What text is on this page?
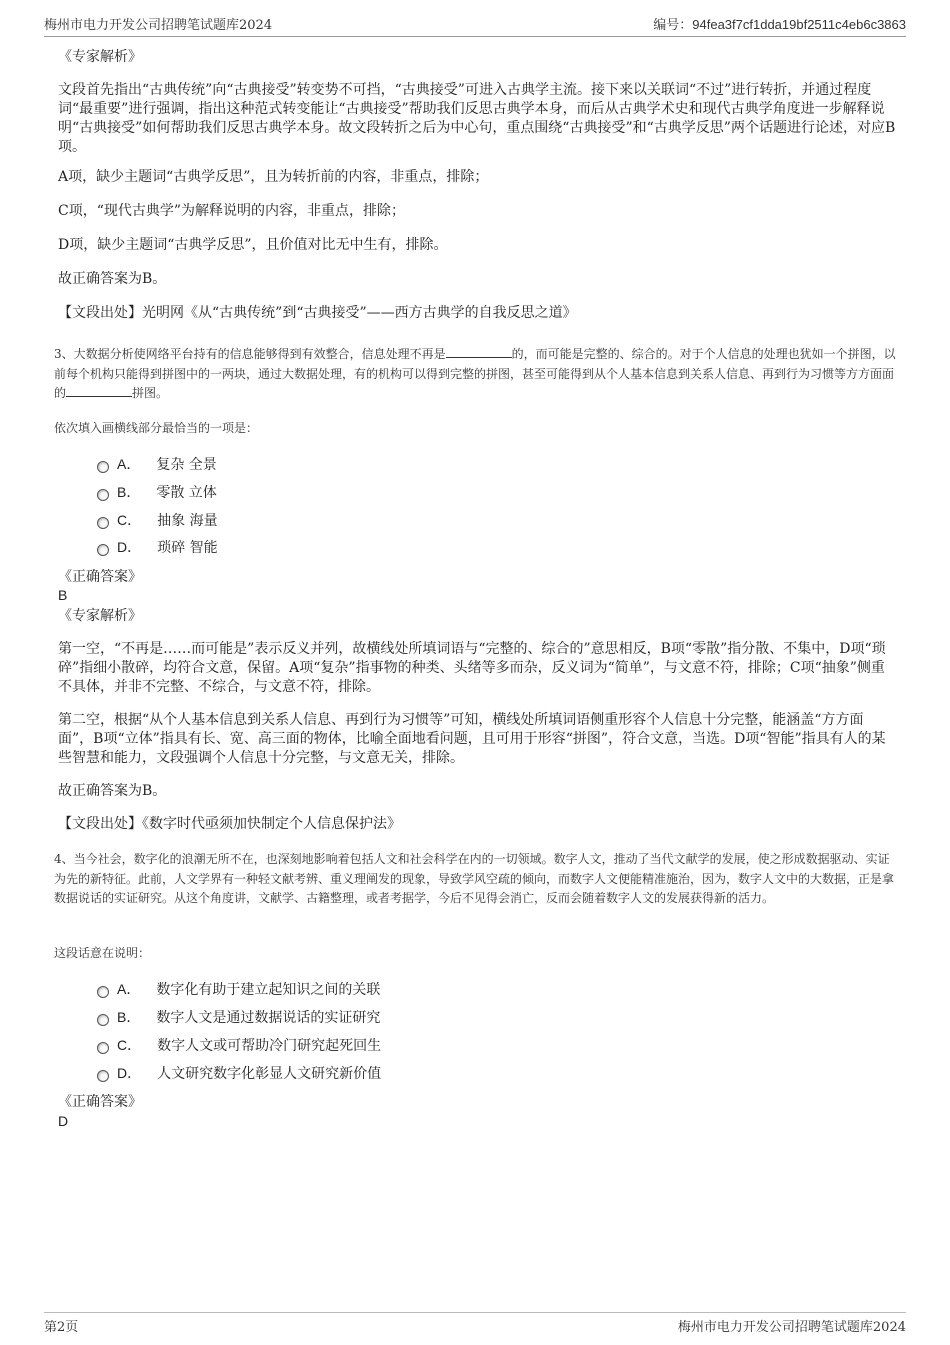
梅州市电力开发公司招聘笔试题库2024	编号：94fea3f7cf1dda19bf2511c4eb6c3863
《专家解析》
文段首先指出“古典传统”向“古典接受”转变势不可挡，“古典接受”可进入古典学主流。接下来以关联词“不过”进行转折，并通过程度词“最重要”进行强调，指出这种范式转变能让“古典接受”帮助我们反思古典学本身，而后从古典学术史和现代古典学角度进一步解释说明“古典接受”如何帮助我们反思古典学本身。故文段转折之后为中心句，重点围绕“古典接受”和“古典学反思”两个话题进行论述，对应B项。
A项，缺少主题词“古典学反思”，且为转折前的内容，非重点，排除；
C项，“现代古典学”为解释说明的内容，非重点，排除；
D项，缺少主题词“古典学反思”，且价值对比无中生有，排除。
故正确答案为B。
【文段出处】光明网《从“古典传统”到“古典接受”——西方古典学的自我反思之道》
3、大数据分析使网络平台持有的信息能够得到有效整合，信息处理不再是	的，而可能是完整的、综合的。对于个人信息的处理也犹如一个拼图，以前每个机构只能得到拼图中的一两块，通过大数据处理，有的机构可以得到完整的拼图，甚至可能得到从个人基本信息到关系人信息、再到行为习惯等方方面面的	拼图。
依次填入画横线部分最恰当的一项是：
A． 复杂 全景
B． 零散 立体
C． 抽象 海量
D． 琐碎 智能
《正确答案》
B
《专家解析》
第一空，“不再是……而可能是”表示反义并列，故横线处所填词语与“完整的、综合的”意思相反，B项“零散”指分散、不集中，D项“琐碎”指细小散碎，均符合文意，保留。A项“复杂”指事物的种类、头绪等多而杂，反义词为“简单”，与文意不符，排除；C项“抽象”侧重不具体，并非不完整、不综合，与文意不符，排除。
第二空，根据“从个人基本信息到关系人信息、再到行为习惯等”可知，横线处所填词语侧重形容个人信息十分完整，能涵盖“方方面面”，B项“立体”指具有长、宽、高三面的物体，比喻全面地看问题，且可用于形容“拼图”，符合文意，当选。D项“智能”指具有人的某些智慧和能力，文段强调个人信息十分完整，与文意无关，排除。
故正确答案为B。
【文段出处】《数字时代亟须加快制定个人信息保护法》
4、当今社会，数字化的浪潮无所不在，也深刻地影响着包括人文和社会科学在内的一切领域。数字人文，推动了当代文献学的发展，使之形成数据驱动、实证为先的新特征。此前，人文学界有一种轻文献考辨、重义理阐发的现象，导致学风空疏的倾向，而数字人文便能精准施治，因为，数字人文中的大数据，正是拿数据说话的实证研究。从这个角度讲，文献学、古籍整理，或者考据学，今后不见得会消亡，反而会随着数字人文的发展获得新的活力。
这段话意在说明：
A． 数字化有助于建立起知识之间的关联
B． 数字人文是通过数据说话的实证研究
C． 数字人文或可帮助冷门研究起死回生
D． 人文研究数字化彰显人文研究新价值
《正确答案》
D
第2页	梅州市电力开发公司招聘笔试题库2024
